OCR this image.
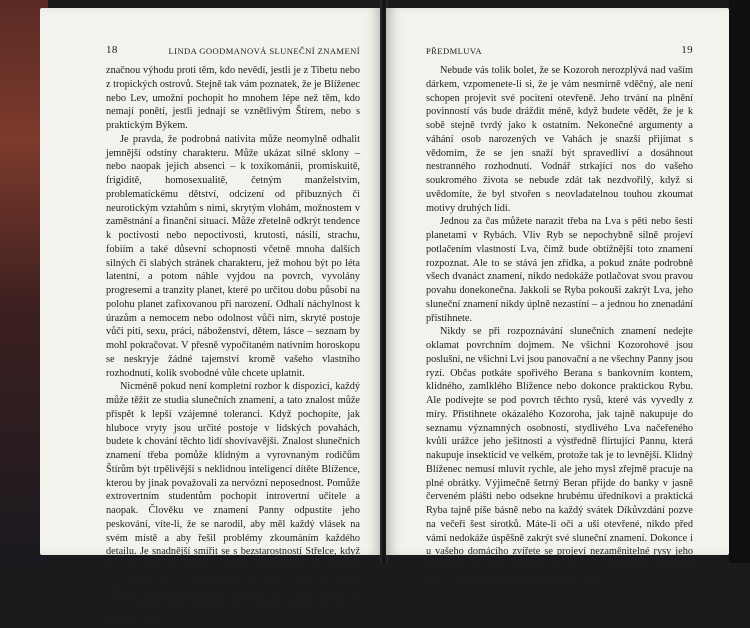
18	LINDA GOODMANOVÁ SLUNEČNÍ ZNAMENÍ

značnou výhodu proti těm, kdo nevědí, jestli je z Tibetu nebo z tropických ostrovů. Stejně tak vám poznatek, že je Blíženec nebo Lev, umožní pochopit ho mnohem lépe než těm, kdo nemají ponětí, jestli jednají se vznětlivým Štírem, nebo s praktickým Býkem.

Je pravda, že podrobná nativita může neomylně odhalit jemnější odstíny charakteru. Může ukázat silné sklony – nebo naopak jejich absenci – k toxikománii, promiskuitě, frigiditě, homosexualitě, četným manželstvím, problematickému dětství, odcizení od příbuzných či neurotickým vztahům s nimi, skrytým vlohám, možnostem v zaměstnání a finanční situaci. Může zřetelně odkrýt tendence k poctivosti nebo nepoctivosti, krutosti, násilí, strachu, fobiím a také důsevní schopnosti včetně mnoha dalších silných či slabých stránek charakteru, jež mohou být po léta latentní, a potom náhle vyjdou na povrch, vyvolány progresemi a tranzity planet, které po určitou dobu působí na polohu planet zafixovanou při narození. Odhalí náchylnost k úrazům a nemocem nebo odolnost vůči nim, skryté postoje vůči pití, sexu, práci, náboženství, dětem, lásce – seznam by mohl pokračovat. V přesně vypočítaném nativním horoskopu se neskryje žádné tajemství kromě vašeho vlastního rozhodnutí, kolik svobodné vůle chcete uplatnit.

Nicméně pokud není kompletní rozbor k dispozici, každý může těžit ze studia slunečních znamení, a tato znalost může přispět k lepší vzájemné toleranci. Když pochopíte, jak hluboce vryty jsou určité postoje v lidských povahách, budete k chování těchto lidí shovívavější. Znalost slunečních znamení třeba pomůže klidným a vyrovnaným rodičům Štírům být trpělivější s neklidnou inteligencí dítěte Blížence, kterou by jinak považovali za nervózní neposednost. Pomůže extrovertním studentům pochopit introvertní učitele a naopak. Člověku ve znamení Panny odpustíte jeho peskování, víte-li, že se narodil, aby měl každý vlásek na svém místě a aby řešil problémy zkoumáním každého detailu. Je snadnější smířit se s bezstarostností Střelce, když si uvědomíte, že je příliš zaměstnán hledáním ideálů, které by vzal za své a bojoval za ně, než aby se každou minutu ohlížel, kam jde nebo komu šlape na paty. Jeho upřímnost vás zasáhne méně, znáte-li jeho nutkání mluvit pravdu za každou cenu.

PŘEDMLUVA	19

Nebude vás tolik bolet, že se Kozoroh nerozplývá nad vaším dárkem, vzpomenete-li si, že je vám nesmírně vděčný, ale není schopen projevit své pocitení otevřeně. Jeho trvání na plnění povinností vás bude dráždit méně, když budete vědět, že je k sobě stejně tvrdý jako k ostatním. Nekonečné argumenty a váhání osob narozených ve Vahách je snazší přijímat s vědomím, že se jen snaží být spravedliví a dosáhnout nestranného rozhodnutí. Vodnář strkající nos do vašeho soukromého života se nebude zdát tak nezdvořilý, když si uvědomíte, že byl stvořen s neovladatelnou touhou zkoumat motivy druhých lidí.

Jednou za čas můžete narazit třeba na Lva s pěti nebo šesti planetami v Rybách. Vliv Ryb se nepochybně silně projeví potlačením vlastností Lva, čímž bude obtížnější toto znamení rozpoznat. Ale to se stává jen zřídka, a pokud znáte podrobně všech dvanáct znamení, nikdo nedokáže potlačovat svou pravou povahu donekonečna. Jakkoli se Ryba pokouší zakrýt Lva, jeho sluneční znamení nikdy úplně nezastíní – a jednou ho znenadání přistihnete.

Nikdy se při rozpoznávání slunečních znamení nedejte oklamat povrchním dojmem. Ne všichni Kozorohové jsou poslušní, ne všichni Lvi jsou panovační a ne všechny Panny jsou ryzí. Občas potkáte spořivého Berana s bankovním kontem, klidného, zamlklého Blížence nebo dokonce praktickou Rybu. Ale podívejte se pod povrch těchto rysů, které vás vyvedly z míry. Přistihnete okázalého Kozoroha, jak tajně nakupuje do seznamu významných osobností, stydlivého Lva načeřeného kvůli urážce jeho ješitnosti a výstředně flirtující Pannu, která nakupuje insekticid ve velkém, protože tak je to levnější. Klidný Blíženec nemusí mluvit rychle, ale jeho mysl zřejmě pracuje na plné obrátky. Výjimečně šetrný Beran přijde do banky v jasně červeném plášti nebo odsekne hrubému úředníkovi a praktická Ryba tajně píše básně nebo na každý svátek Díkůvzdání pozve na večeři šest sirotků. Máte-li oči a uši otevřené, nikdo před vámi nedokáže úspěšně zakrýt své sluneční znamení. Dokonce i u vašeho domácího zvířete se projeví nezaměnitelné rysy jeho znamení. Nedávejte misku s jídlem kočce Panně na neznámé místo a nikdy nezkoušejte ignorovat psa Lva.
